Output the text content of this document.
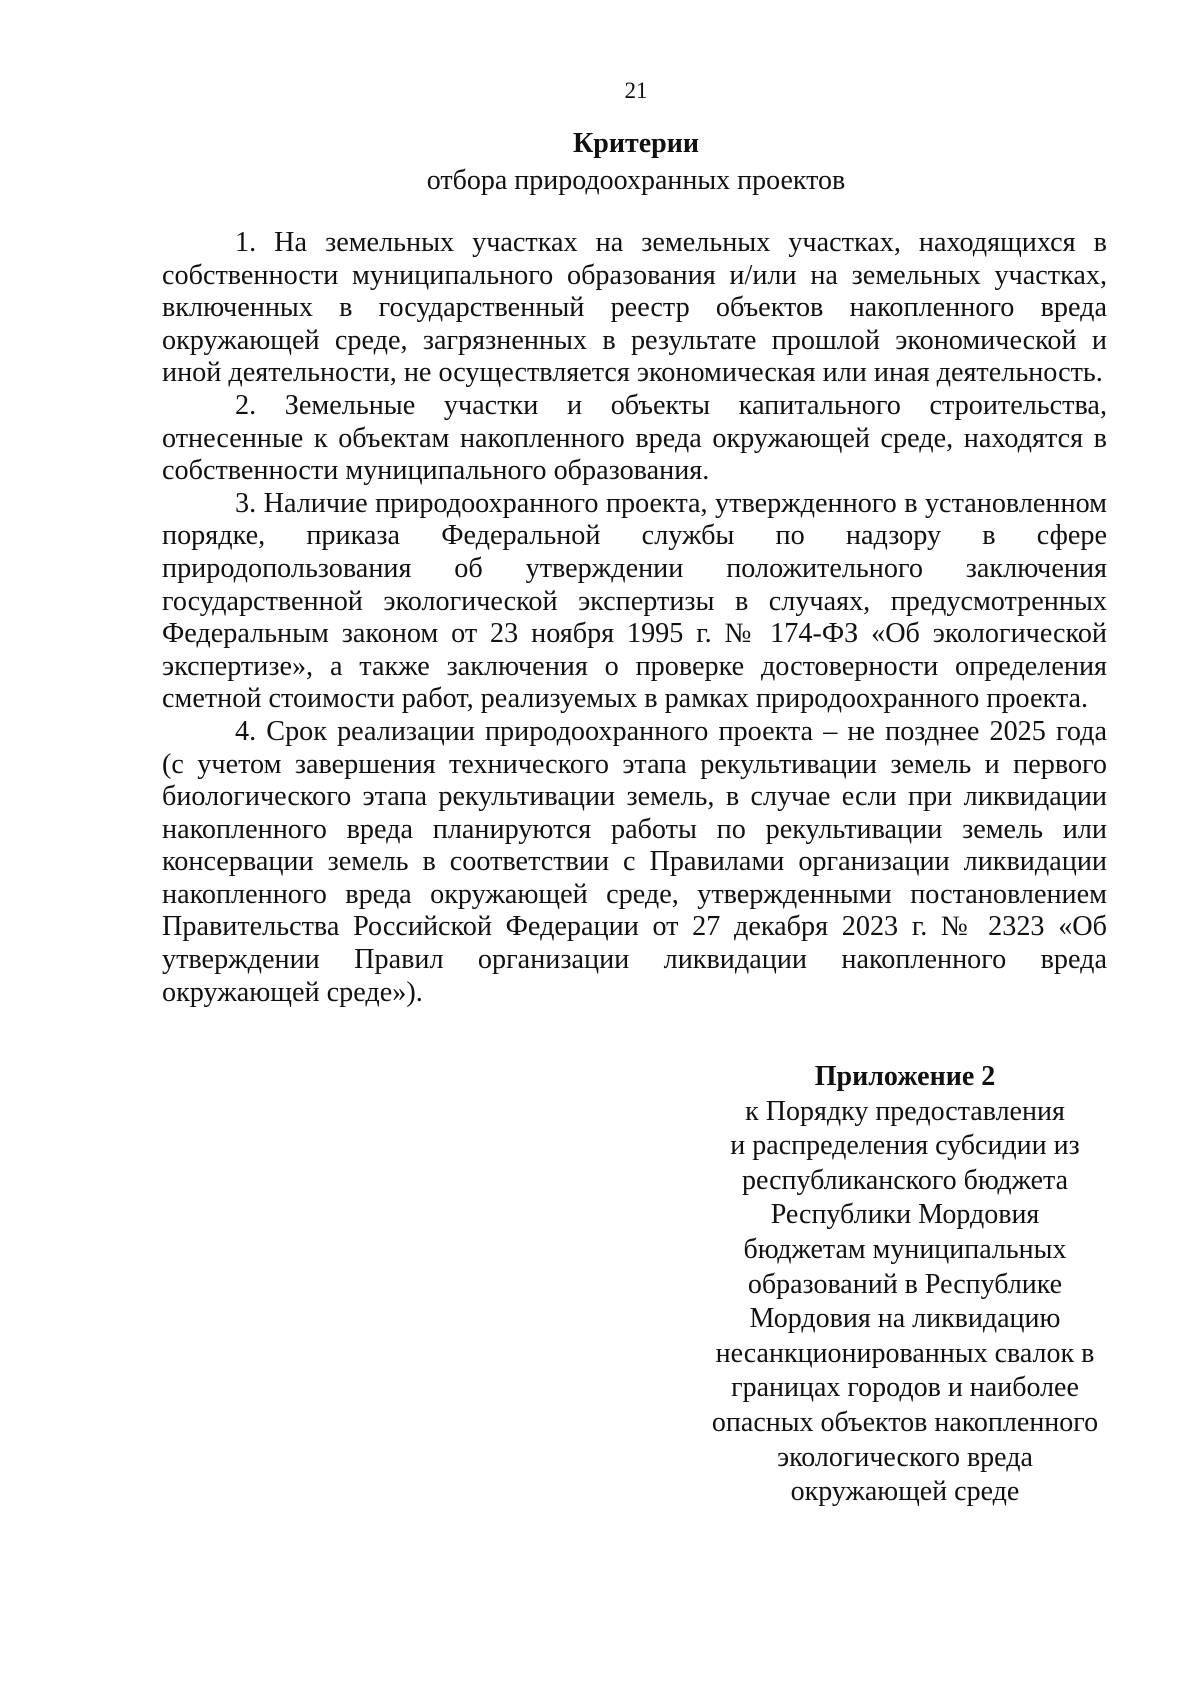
21
Критерии
отбора природоохранных проектов

1. На земельных участках на земельных участках, находящихся в собственности муниципального образования и/или на земельных участках, включенных в государственный реестр объектов накопленного вреда окружающей среде, загрязненных в результате прошлой экономической и иной деятельности, не осуществляется экономическая или иная деятельность.

2. Земельные участки и объекты капитального строительства, отнесенные к объектам накопленного вреда окружающей среде, находятся в собственности муниципального образования.

3. Наличие природоохранного проекта, утвержденного в установленном порядке, приказа Федеральной службы по надзору в сфере природопользования об утверждении положительного заключения государственной экологической экспертизы в случаях, предусмотренных Федеральным законом от 23 ноября 1995 г. № 174-ФЗ «Об экологической экспертизе», а также заключения о проверке достоверности определения сметной стоимости работ, реализуемых в рамках природоохранного проекта.

4. Срок реализации природоохранного проекта – не позднее 2025 года (с учетом завершения технического этапа рекультивации земель и первого биологического этапа рекультивации земель, в случае если при ликвидации накопленного вреда планируются работы по рекультивации земель или консервации земель в соответствии с Правилами организации ликвидации накопленного вреда окружающей среде, утвержденными постановлением Правительства Российской Федерации от 27 декабря 2023 г. № 2323 «Об утверждении Правил организации ликвидации накопленного вреда окружающей среде»).

Приложение 2

к Порядку предоставления

и распределения субсидии из

республиканского бюджета

Республики Мордовия

бюджетам муниципальных

образований в Республике

Мордовия на ликвидацию

несанкционированных свалок в

границах городов и наиболее

опасных объектов накопленного

экологического вреда

окружающей среде
